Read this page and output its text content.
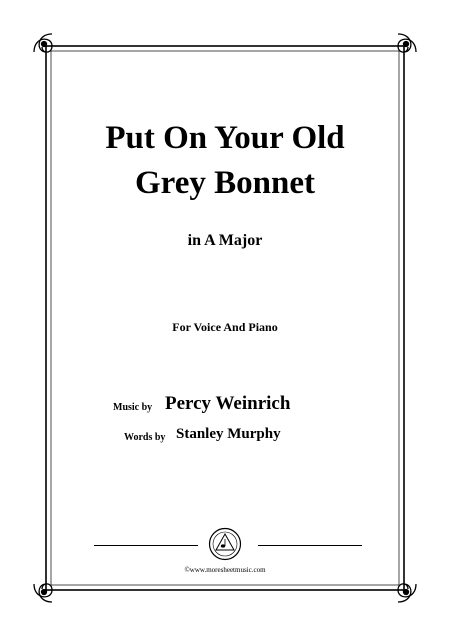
Put On Your Old
Grey Bonnet
in A Major
For Voice And Piano
Music by Percy Weinrich
Words by Stanley Murphy
©www.moresheetmusic.com
